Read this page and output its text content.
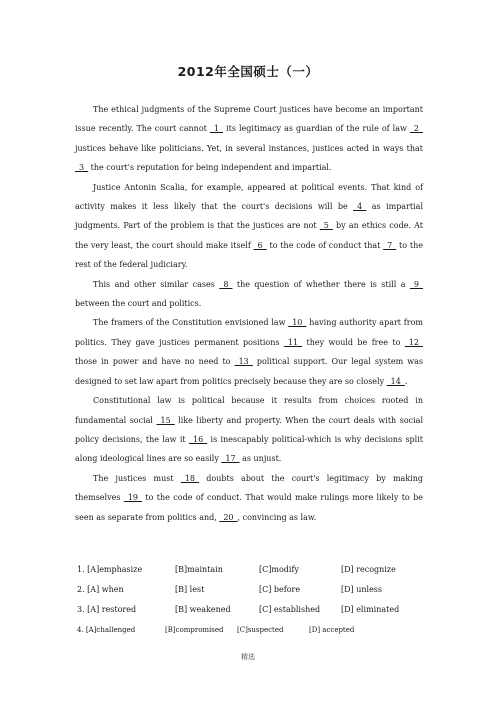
2012年全国硕士（一）

The ethical judgments of the Supreme Court justices have become an important issue recently. The court cannot _1_ its legitimacy as guardian of the rule of law _2_ justices behave like politicians. Yet, in several instances, justices acted in ways that _3_ the court's reputation for being independent and impartial.

Justice Antonin Scalia, for example, appeared at political events. That kind of activity makes it less likely that the court's decisions will be _4_ as impartial judgments. Part of the problem is that the justices are not _5_ by an ethics code. At the very least, the court should make itself _6_ to the code of conduct that _7_ to the rest of the federal judiciary.

This and other similar cases _8_ the question of whether there is still a _9_ between the court and politics.

The framers of the Constitution envisioned law _10_ having authority apart from politics. They gave justices permanent positions _11_ they would be free to _12_ those in power and have no need to _13_ political support. Our legal system was designed to set law apart from politics precisely because they are so closely _14_.

Constitutional law is political because it results from choices rooted in fundamental social _15_ like liberty and property. When the court deals with social policy decisions, the law it _16_ is inescapably political-which is why decisions split along ideological lines are so easily _17_ as unjust.

The justices must _18_ doubts about the court's legitimacy by making themselves _19_ to the code of conduct. That would make rulings more likely to be seen as separate from politics and, _20_, convincing as law.

1. [A]emphasize	[B]maintain	[C]modify	[D] recognize
2. [A] when	[B] lest	[C] before	[D] unless
3. [A] restored	[B] weakened	[C] established	[D] eliminated
4. [A]challenged	[B]compromised	[C]suspected	[D] accepted
精选
